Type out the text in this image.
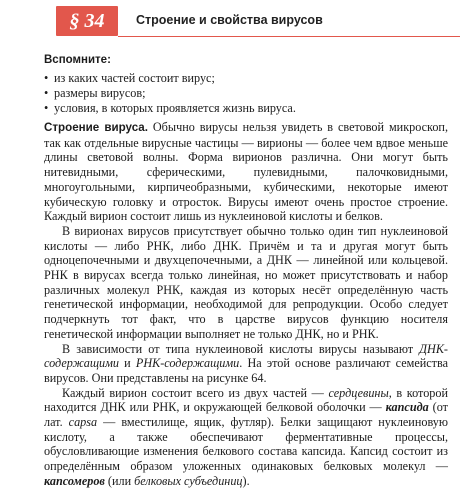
§ 34	Строение и свойства вирусов
Вспомните:
• из каких частей состоит вирус;
• размеры вирусов;
• условия, в которых проявляется жизнь вируса.

Строение вируса. Обычно вирусы нельзя увидеть в световой микроскоп, так как отдельные вирусные частицы — вирионы — более чем вдвое меньше длины световой волны. Форма вирионов различна. Они могут быть нитевидными, сферическими, пулевидными, палочковидными, многоугольными, кирпичеобразными, кубическими, некоторые имеют кубическую головку и отросток. Вирусы имеют очень простое строение. Каждый вирион состоит лишь из нуклеиновой кислоты и белков.

В вирионах вирусов присутствует обычно только один тип нуклеиновой кислоты — либо РНК, либо ДНК. Причём и та и другая могут быть одноцепочечными и двухцепочечными, а ДНК — линейной или кольцевой. РНК в вирусах всегда только линейная, но может присутствовать и набор различных молекул РНК, каждая из которых несёт определённую часть генетической информации, необходимой для репродукции. Особо следует подчеркнуть тот факт, что в царстве вирусов функцию носителя генетической информации выполняет не только ДНК, но и РНК.

В зависимости от типа нуклеиновой кислоты вирусы называют ДНК-содержащими и РНК-содержащими. На этой основе различают семейства вирусов. Они представлены на рисунке 64.

Каждый вирион состоит всего из двух частей — сердцевины, в которой находится ДНК или РНК, и окружающей белковой оболочки — капсида (от лат. capsa — вместилище, ящик, футляр). Белки защищают нуклеиновую кислоту, а также обеспечивают ферментативные процессы, обусловливающие изменения белкового состава капсида. Капсид состоит из определённым образом уложенных одинаковых белковых молекул — капсомеров (или белковых субъединиц).
